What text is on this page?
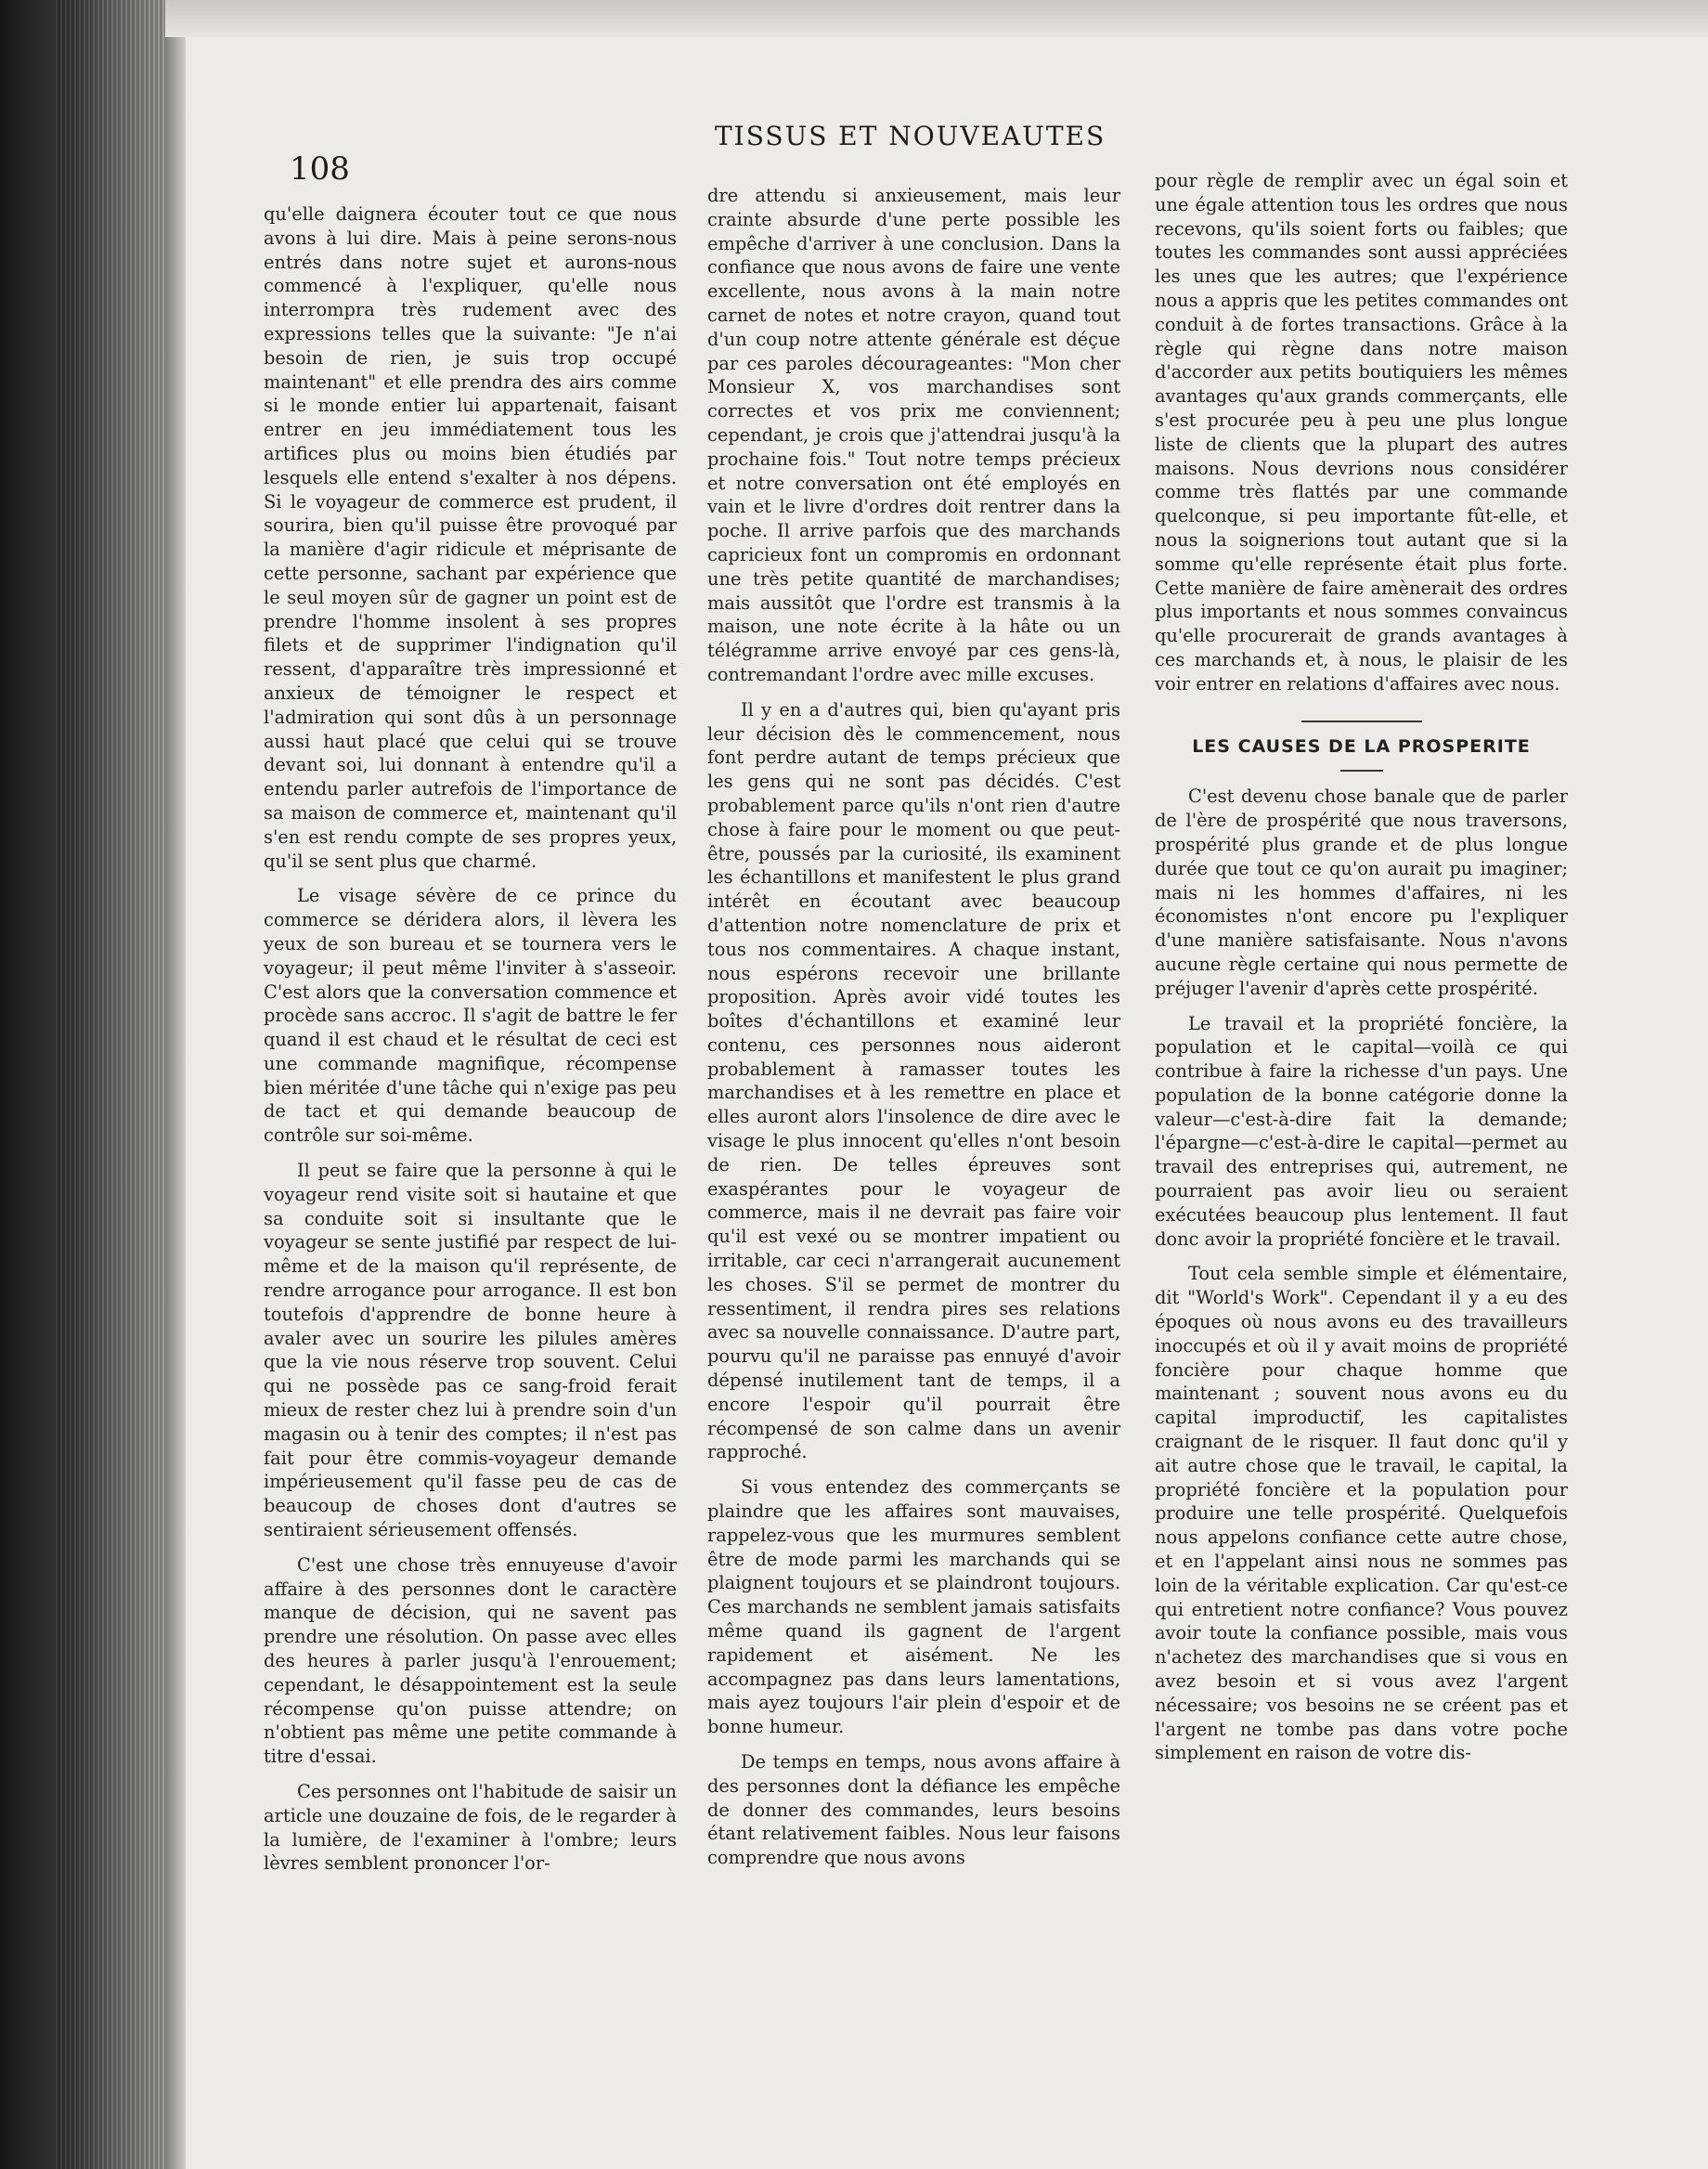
108
TISSUS ET NOUVEAUTES

qu'elle daignera écouter tout ce que nous avons à lui dire. Mais à peine serons-nous entrés dans notre sujet et aurons-nous commencé à l'expliquer, qu'elle nous interrompra très rudement avec des expressions telles que la suivante: "Je n'ai besoin de rien, je suis trop occupé maintenant" et elle prendra des airs comme si le monde entier lui appartenait, faisant entrer en jeu immédiatement tous les artifices plus ou moins bien étudiés par lesquels elle entend s'exalter à nos dépens. Si le voyageur de commerce est prudent, il sourira, bien qu'il puisse être provoqué par la manière d'agir ridicule et méprisante de cette personne, sachant par expérience que le seul moyen sûr de gagner un point est de prendre l'homme insolent à ses propres filets et de supprimer l'indignation qu'il ressent, d'apparaître très impressionné et anxieux de témoigner le respect et l'admiration qui sont dûs à un personnage aussi haut placé que celui qui se trouve devant soi, lui donnant à entendre qu'il a entendu parler autrefois de l'importance de sa maison de commerce et, maintenant qu'il s'en est rendu compte de ses propres yeux, qu'il se sent plus que charmé.

Le visage sévère de ce prince du commerce se déridera alors, il lèvera les yeux de son bureau et se tournera vers le voyageur; il peut même l'inviter à s'asseoir. C'est alors que la conversation commence et procède sans accroc. Il s'agit de battre le fer quand il est chaud et le résultat de ceci est une commande magnifique, récompense bien méritée d'une tâche qui n'exige pas peu de tact et qui demande beaucoup de contrôle sur soi-même.

Il peut se faire que la personne à qui le voyageur rend visite soit si hautaine et que sa conduite soit si insultante que le voyageur se sente justifié par respect de lui-même et de la maison qu'il représente, de rendre arrogance pour arrogance. Il est bon toutefois d'apprendre de bonne heure à avaler avec un sourire les pilules amères que la vie nous réserve trop souvent. Celui qui ne possède pas ce sang-froid ferait mieux de rester chez lui à prendre soin d'un magasin ou à tenir des comptes; il n'est pas fait pour être commis-voyageur demande impérieusement qu'il fasse peu de cas de beaucoup de choses dont d'autres se sentiraient sérieusement offensés.

C'est une chose très ennuyeuse d'avoir affaire à des personnes dont le caractère manque de décision, qui ne savent pas prendre une résolution. On passe avec elles des heures à parler jusqu'à l'enrouement; cependant, le désappointement est la seule récompense qu'on puisse attendre; on n'obtient pas même une petite commande à titre d'essai.

Ces personnes ont l'habitude de saisir un article une douzaine de fois, de le regarder à la lumière, de l'examiner à l'ombre; leurs lèvres semblent prononcer l'or-

dre attendu si anxieusement, mais leur crainte absurde d'une perte possible les empêche d'arriver à une conclusion. Dans la confiance que nous avons de faire une vente excellente, nous avons à la main notre carnet de notes et notre crayon, quand tout d'un coup notre attente générale est déçue par ces paroles décourageantes: "Mon cher Monsieur X, vos marchandises sont correctes et vos prix me conviennent; cependant, je crois que j'attendrai jusqu'à la prochaine fois." Tout notre temps précieux et notre conversation ont été employés en vain et le livre d'ordres doit rentrer dans la poche. Il arrive parfois que des marchands capricieux font un compromis en ordonnant une très petite quantité de marchandises; mais aussitôt que l'ordre est transmis à la maison, une note écrite à la hâte ou un télégramme arrive envoyé par ces gens-là, contremandant l'ordre avec mille excuses.

Il y en a d'autres qui, bien qu'ayant pris leur décision dès le commencement, nous font perdre autant de temps précieux que les gens qui ne sont pas décidés. C'est probablement parce qu'ils n'ont rien d'autre chose à faire pour le moment ou que peut-être, poussés par la curiosité, ils examinent les échantillons et manifestent le plus grand intérêt en écoutant avec beaucoup d'attention notre nomenclature de prix et tous nos commentaires. A chaque instant, nous espérons recevoir une brillante proposition. Après avoir vidé toutes les boîtes d'échantillons et examiné leur contenu, ces personnes nous aideront probablement à ramasser toutes les marchandises et à les remettre en place et elles auront alors l'insolence de dire avec le visage le plus innocent qu'elles n'ont besoin de rien. De telles épreuves sont exaspérantes pour le voyageur de commerce, mais il ne devrait pas faire voir qu'il est vexé ou se montrer impatient ou irritable, car ceci n'arrangerait aucunement les choses. S'il se permet de montrer du ressentiment, il rendra pires ses relations avec sa nouvelle connaissance. D'autre part, pourvu qu'il ne paraisse pas ennuyé d'avoir dépensé inutilement tant de temps, il a encore l'espoir qu'il pourrait être récompensé de son calme dans un avenir rapproché.

Si vous entendez des commerçants se plaindre que les affaires sont mauvaises, rappelez-vous que les murmures semblent être de mode parmi les marchands qui se plaignent toujours et se plaindront toujours. Ces marchands ne semblent jamais satisfaits même quand ils gagnent de l'argent rapidement et aisément. Ne les accompagnez pas dans leurs lamentations, mais ayez toujours l'air plein d'espoir et de bonne humeur.

De temps en temps, nous avons affaire à des personnes dont la défiance les empêche de donner des commandes, leurs besoins étant relativement faibles. Nous leur faisons comprendre que nous avons

pour règle de remplir avec un égal soin et une égale attention tous les ordres que nous recevons, qu'ils soient forts ou faibles; que toutes les commandes sont aussi appréciées les unes que les autres; que l'expérience nous a appris que les petites commandes ont conduit à de fortes transactions. Grâce à la règle qui règne dans notre maison d'accorder aux petits boutiquiers les mêmes avantages qu'aux grands commerçants, elle s'est procurée peu à peu une plus longue liste de clients que la plupart des autres maisons. Nous devrions nous considérer comme très flattés par une commande quelconque, si peu importante fût-elle, et nous la soignerions tout autant que si la somme qu'elle représente était plus forte. Cette manière de faire amènerait des ordres plus importants et nous sommes convaincus qu'elle procurerait de grands avantages à ces marchands et, à nous, le plaisir de les voir entrer en relations d'affaires avec nous.

LES CAUSES DE LA PROSPERITE

C'est devenu chose banale que de parler de l'ère de prospérité que nous traversons, prospérité plus grande et de plus longue durée que tout ce qu'on aurait pu imaginer; mais ni les hommes d'affaires, ni les économistes n'ont encore pu l'expliquer d'une manière satisfaisante. Nous n'avons aucune règle certaine qui nous permette de préjuger l'avenir d'après cette prospérité.

Le travail et la propriété foncière, la population et le capital—voilà ce qui contribue à faire la richesse d'un pays. Une population de la bonne catégorie donne la valeur—c'est-à-dire fait la demande; l'épargne—c'est-à-dire le capital—permet au travail des entreprises qui, autrement, ne pourraient pas avoir lieu ou seraient exécutées beaucoup plus lentement. Il faut donc avoir la propriété foncière et le travail.

Tout cela semble simple et élémentaire, dit "World's Work". Cependant il y a eu des époques où nous avons eu des travailleurs inoccupés et où il y avait moins de propriété foncière pour chaque homme que maintenant ; souvent nous avons eu du capital improductif, les capitalistes craignant de le risquer. Il faut donc qu'il y ait autre chose que le travail, le capital, la propriété foncière et la population pour produire une telle prospérité. Quelquefois nous appelons confiance cette autre chose, et en l'appelant ainsi nous ne sommes pas loin de la véritable explication. Car qu'est-ce qui entretient notre confiance? Vous pouvez avoir toute la confiance possible, mais vous n'achetez des marchandises que si vous en avez besoin et si vous avez l'argent nécessaire; vos besoins ne se créent pas et l'argent ne tombe pas dans votre poche simplement en raison de votre dis-
